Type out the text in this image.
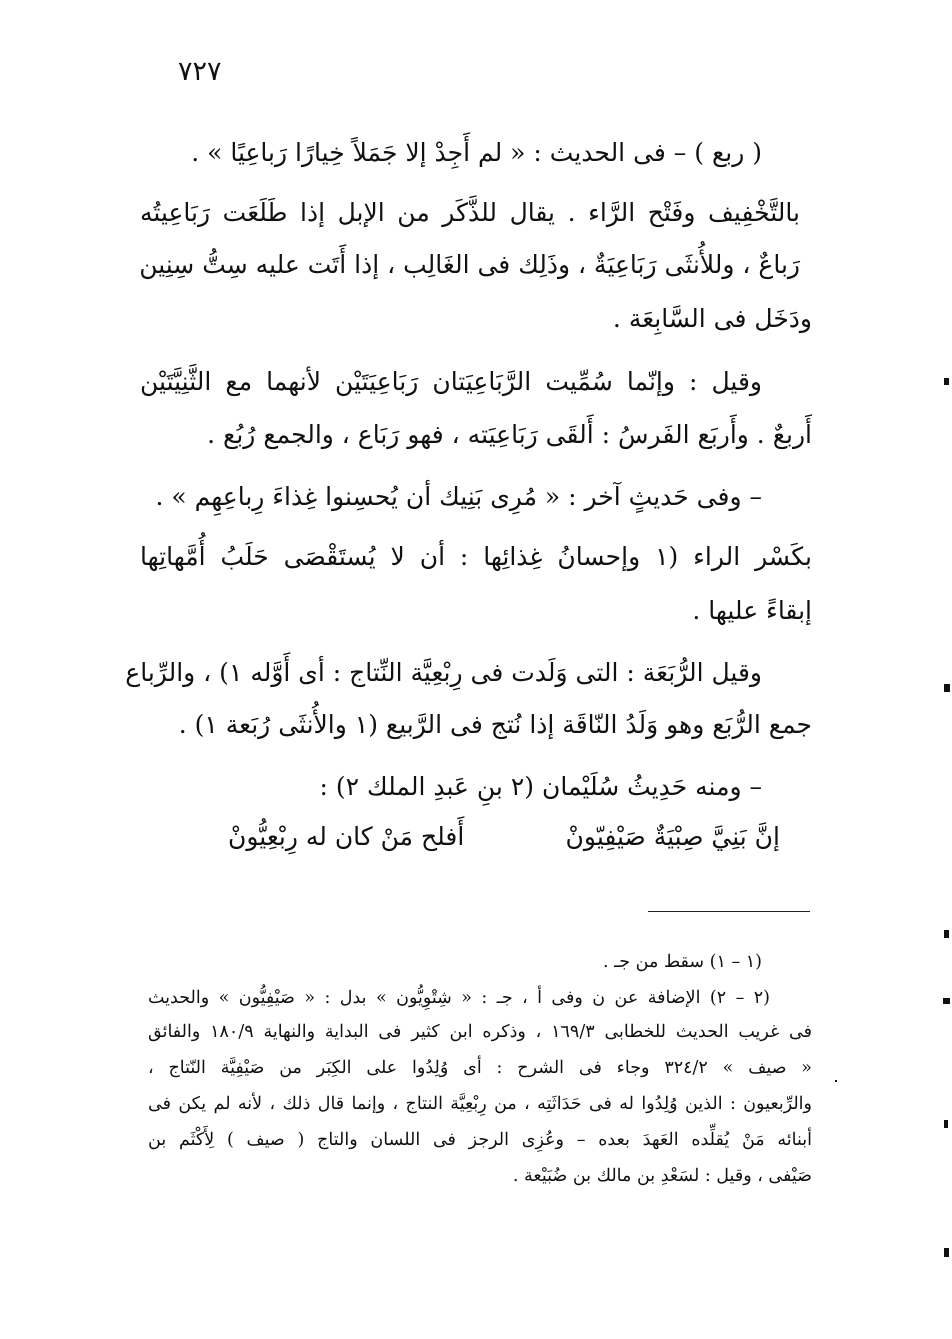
٧٢٧
( ربع ) – فى الحديث : « لم أَجِدْ إلا جَمَلاً خِيارًا رَباعِيًا » .
بالتَّخْفِيف وفَتْح الرَّاء . يقال للذَّكَر من الإبل إذا طَلَعَت رَبَاعِيتُه
رَباعٌ ، وللأُنثَى رَبَاعِيَةٌ ، وذَلِك فى الغَالِب ، إذا أَتَت عليه سِتُّ سِنِين
ودَخَل فى السَّابِعَة .
وقيل : وإنّما سُمِّيت الرَّبَاعِيَتان رَبَاعِيَتَيْن لأنهما مع الثَّنِيَّتَيْن
أَربعٌ . وأَربَع الفَرسُ : أَلقَى رَبَاعِيَته ، فهو رَبَاع ، والجمع رُبُع .
– وفى حَديثٍ آخر : « مُرِى بَنِيك أن يُحسِنوا غِذاءَ رِباعِهِم » .
بكَسْر الراء (١ وإحسانُ غِذائِها : أن لا يُستَقْصَى حَلَبُ أُمَّهاتِها
إبقاءً عليها .
وقيل الرُّبَعَة : التى وَلَدت فى رِبْعِيَّة النِّتاج : أى أَوَّله ١) ، والرِّباع
جمع الرُّبَع وهو وَلَدُ النّاقَة إذا نُتج فى الرَّبيع (١ والأُنثَى رُبَعة ١) .
– ومنه حَدِيثُ سُلَيْمان (٢ بنِ عَبدِ الملك ٢) :
إنَّ بَنِيَّ صِبْيَةٌ صَيْفِيّونْ
أَفلح مَنْ كان له رِبْعِيُّونْ
(١ – ١) سقط من جـ .
(٢ – ٢) الإضافة عن ن وفى أ ، جـ : « شِتْوِيُّون » بدل : « صَيْفِيُّون » والحديث
فى غريب الحديث للخطابى ١٦٩/٣ ، وذكره ابن كثير فى البداية والنهاية ١٨٠/٩ والفائق
« صيف » ٣٢٤/٢ وجاء فى الشرح : أى وُلِدُوا على الكِبَر من صَيْفِيَّة النّتاج ،
والرِّبعيون : الذين وُلِدُوا له فى حَدَاثَتِه ، من رِبْعِيَّة النتاج ، وإنما قال ذلك ، لأنه لم يكن فى
أبنائه مَنْ يُقلِّده العَهدَ بعده – وعُزِى الرجز فى اللسان والتاج ( صيف ) لِأَكْثَم بن
صَيْفى ، وقيل : لسَعْدِ بن مالك بن ضُبَيْعة .
